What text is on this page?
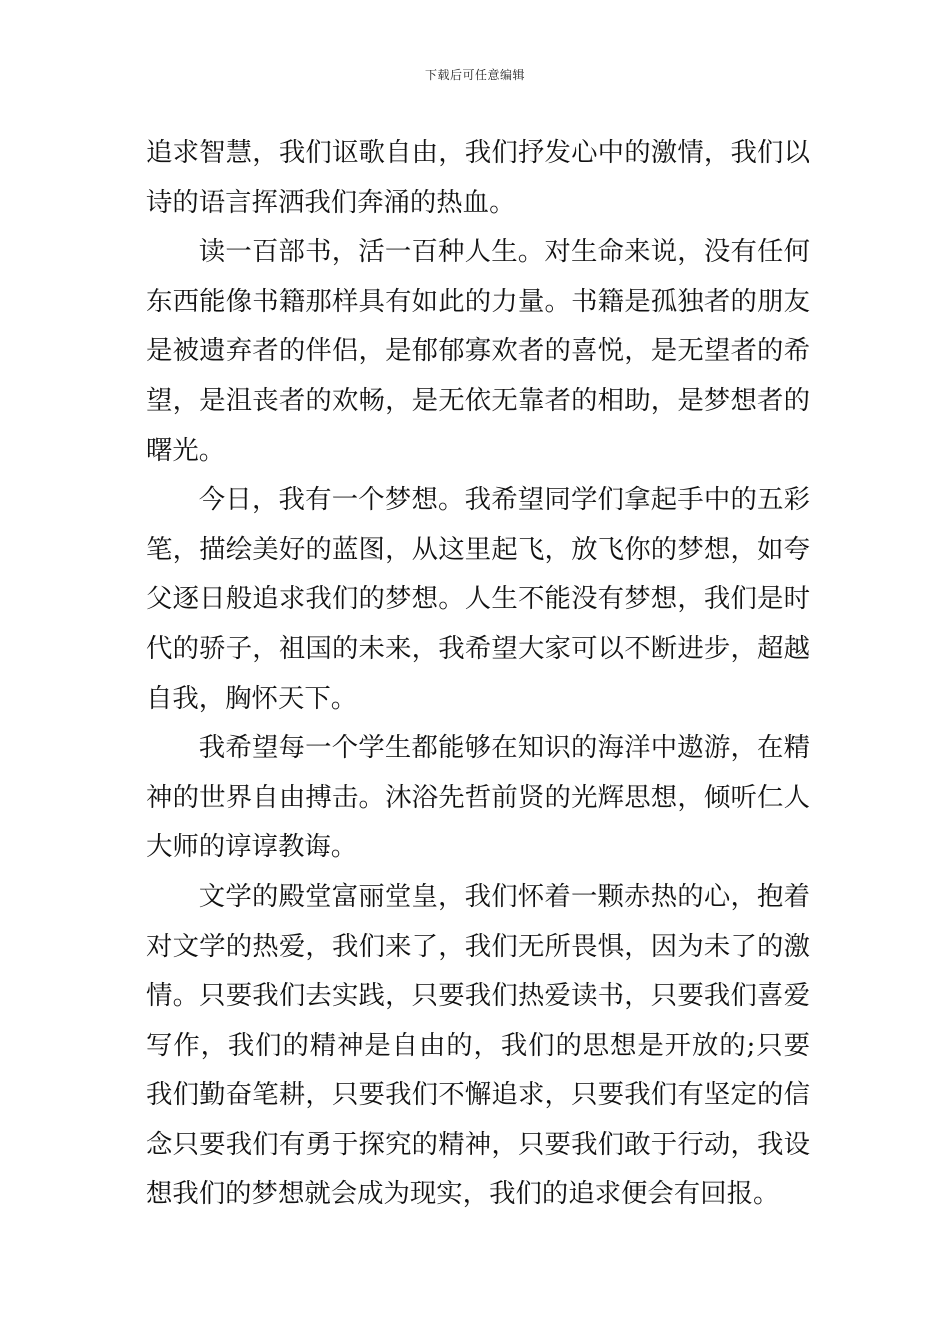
下载后可任意编辑

追求智慧，我们讴歌自由，我们抒发心中的激情，我们以诗的语言挥洒我们奔涌的热血。

读一百部书，活一百种人生。对生命来说，没有任何东西能像书籍那样具有如此的力量。书籍是孤独者的朋友是被遗弃者的伴侣，是郁郁寡欢者的喜悦，是无望者的希望，是沮丧者的欢畅，是无依无靠者的相助，是梦想者的曙光。

今日，我有一个梦想。我希望同学们拿起手中的五彩笔，描绘美好的蓝图，从这里起飞，放飞你的梦想，如夸父逐日般追求我们的梦想。人生不能没有梦想，我们是时代的骄子，祖国的未来，我希望大家可以不断进步，超越自我，胸怀天下。

我希望每一个学生都能够在知识的海洋中遨游，在精神的世界自由搏击。沐浴先哲前贤的光辉思想，倾听仁人大师的谆谆教诲。

文学的殿堂富丽堂皇，我们怀着一颗赤热的心，抱着对文学的热爱，我们来了，我们无所畏惧，因为未了的激情。只要我们去实践，只要我们热爱读书，只要我们喜爱写作，我们的精神是自由的，我们的思想是开放的;只要我们勤奋笔耕，只要我们不懈追求，只要我们有坚定的信念只要我们有勇于探究的精神，只要我们敢于行动，我设想我们的梦想就会成为现实，我们的追求便会有回报。
